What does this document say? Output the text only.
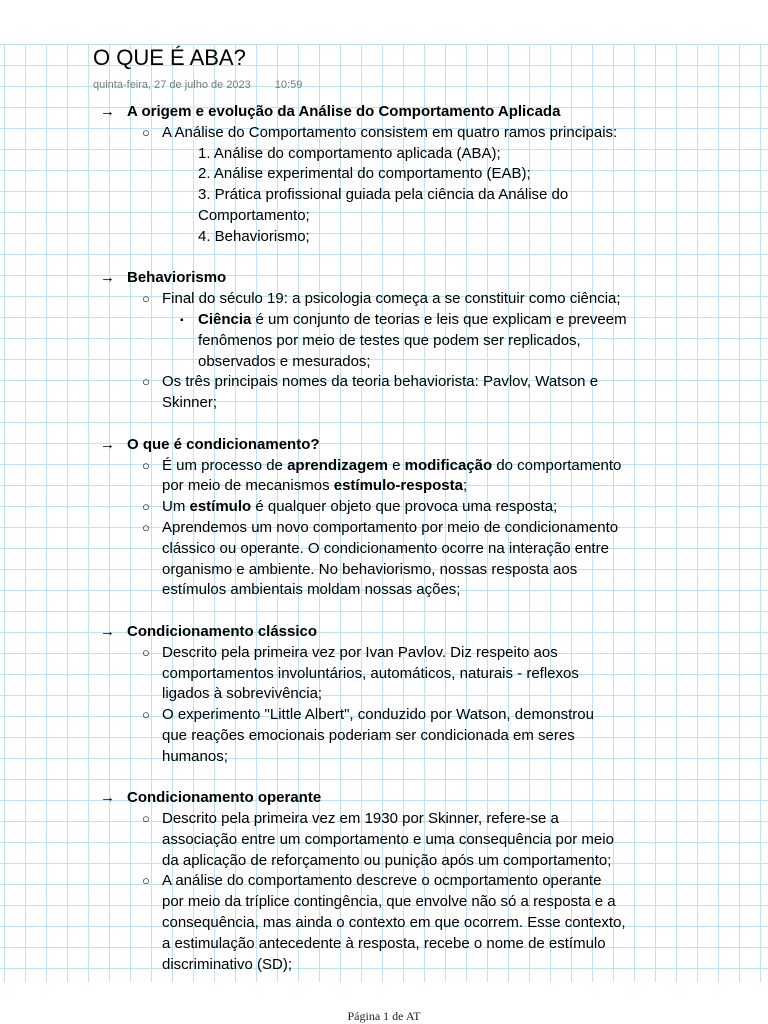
O QUE É ABA?
quinta-feira, 27 de julho de 2023 10:59
→ A origem e evolução da Análise do Comportamento Aplicada

○ A Análise do Comportamento consistem em quatro ramos principais:
1. Análise do comportamento aplicada (ABA);
2. Análise experimental do comportamento (EAB);
3. Prática profissional guiada pela ciência da Análise do
Comportamento;
4. Behaviorismo;
→ Behaviorismo

○ Final do século 19: a psicologia começa a se constituir como ciência;
▪ Ciência é um conjunto de teorias e leis que explicam e preveem
fenômenos por meio de testes que podem ser replicados,
observados e mesurados;
○ Os três principais nomes da teoria behaviorista: Pavlov, Watson e
Skinner;
→ O que é condicionamento?

○ É um processo de aprendizagem e modificação do comportamento
por meio de mecanismos estímulo-resposta;
○ Um estímulo é qualquer objeto que provoca uma resposta;
○ Aprendemos um novo comportamento por meio de condicionamento
clássico ou operante. O condicionamento ocorre na interação entre
organismo e ambiente. No behaviorismo, nossas resposta aos
estímulos ambientais moldam nossas ações;
→ Condicionamento clássico

○ Descrito pela primeira vez por Ivan Pavlov. Diz respeito aos
comportamentos involuntários, automáticos, naturais - reflexos
ligados à sobrevivência;
○ O experimento "Little Albert", conduzido por Watson, demonstrou
que reações emocionais poderiam ser condicionada em seres
humanos;
→ Condicionamento operante

○ Descrito pela primeira vez em 1930 por Skinner, refere-se a
associação entre um comportamento e uma consequência por meio
da aplicação de reforçamento ou punição após um comportamento;
○ A análise do comportamento descreve o ocmportamento operante
por meio da tríplice contingência, que envolve não só a resposta e a
consequência, mas ainda o contexto em que ocorrem. Esse contexto,
a estimulação antecedente à resposta, recebe o nome de estímulo
discriminativo (SD);
Página 1 de AT
